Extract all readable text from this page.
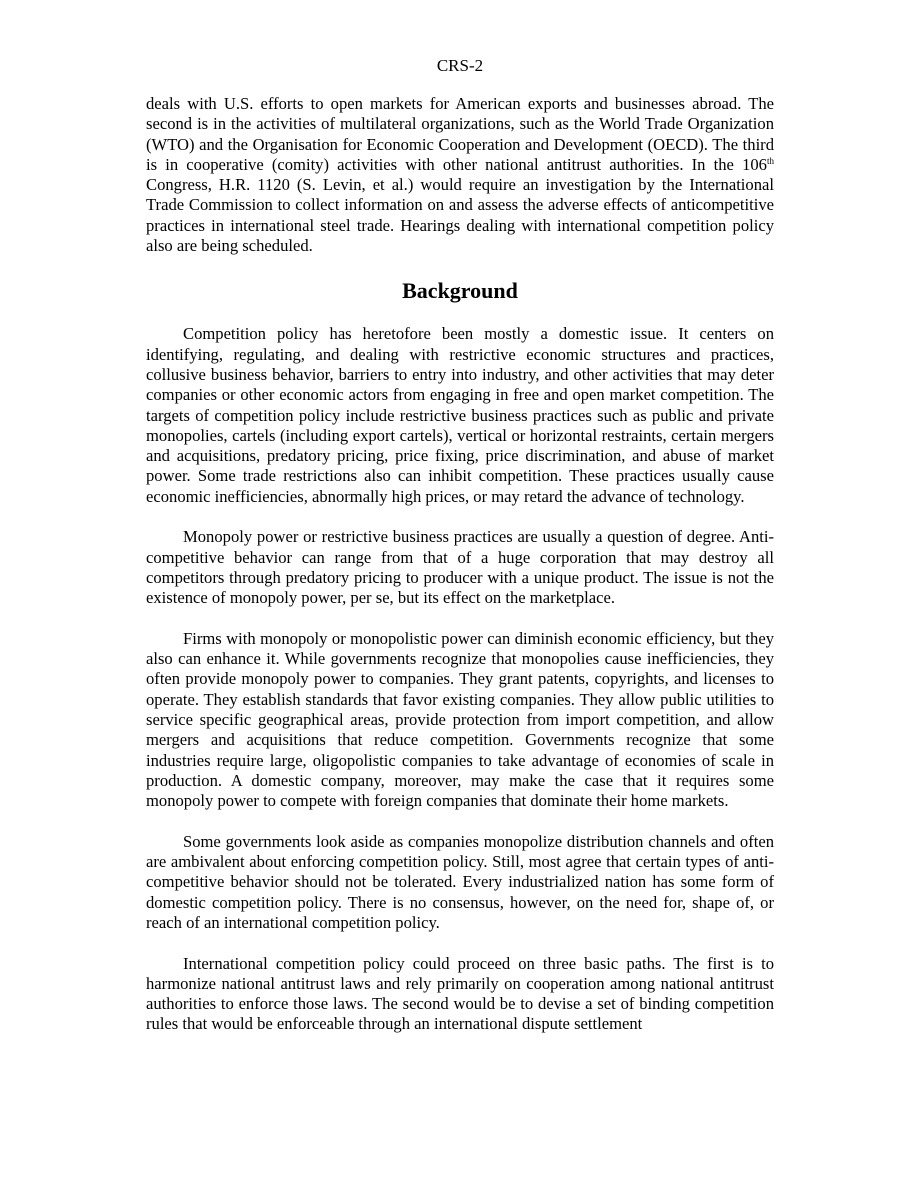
CRS-2

deals with U.S. efforts to open markets for American exports and businesses abroad. The second is in the activities of multilateral organizations, such as the World Trade Organization (WTO) and the Organisation for Economic Cooperation and Development (OECD). The third is in cooperative (comity) activities with other national antitrust authorities. In the 106th Congress, H.R. 1120 (S. Levin, et al.) would require an investigation by the International Trade Commission to collect information on and assess the adverse effects of anticompetitive practices in international steel trade. Hearings dealing with international competition policy also are being scheduled.

Background

Competition policy has heretofore been mostly a domestic issue. It centers on identifying, regulating, and dealing with restrictive economic structures and practices, collusive business behavior, barriers to entry into industry, and other activities that may deter companies or other economic actors from engaging in free and open market competition. The targets of competition policy include restrictive business practices such as public and private monopolies, cartels (including export cartels), vertical or horizontal restraints, certain mergers and acquisitions, predatory pricing, price fixing, price discrimination, and abuse of market power. Some trade restrictions also can inhibit competition. These practices usually cause economic inefficiencies, abnormally high prices, or may retard the advance of technology.

Monopoly power or restrictive business practices are usually a question of degree. Anti-competitive behavior can range from that of a huge corporation that may destroy all competitors through predatory pricing to producer with a unique product. The issue is not the existence of monopoly power, per se, but its effect on the marketplace.

Firms with monopoly or monopolistic power can diminish economic efficiency, but they also can enhance it. While governments recognize that monopolies cause inefficiencies, they often provide monopoly power to companies. They grant patents, copyrights, and licenses to operate. They establish standards that favor existing companies. They allow public utilities to service specific geographical areas, provide protection from import competition, and allow mergers and acquisitions that reduce competition. Governments recognize that some industries require large, oligopolistic companies to take advantage of economies of scale in production. A domestic company, moreover, may make the case that it requires some monopoly power to compete with foreign companies that dominate their home markets.

Some governments look aside as companies monopolize distribution channels and often are ambivalent about enforcing competition policy. Still, most agree that certain types of anti-competitive behavior should not be tolerated. Every industrialized nation has some form of domestic competition policy. There is no consensus, however, on the need for, shape of, or reach of an international competition policy.

International competition policy could proceed on three basic paths. The first is to harmonize national antitrust laws and rely primarily on cooperation among national antitrust authorities to enforce those laws. The second would be to devise a set of binding competition rules that would be enforceable through an international dispute settlement
